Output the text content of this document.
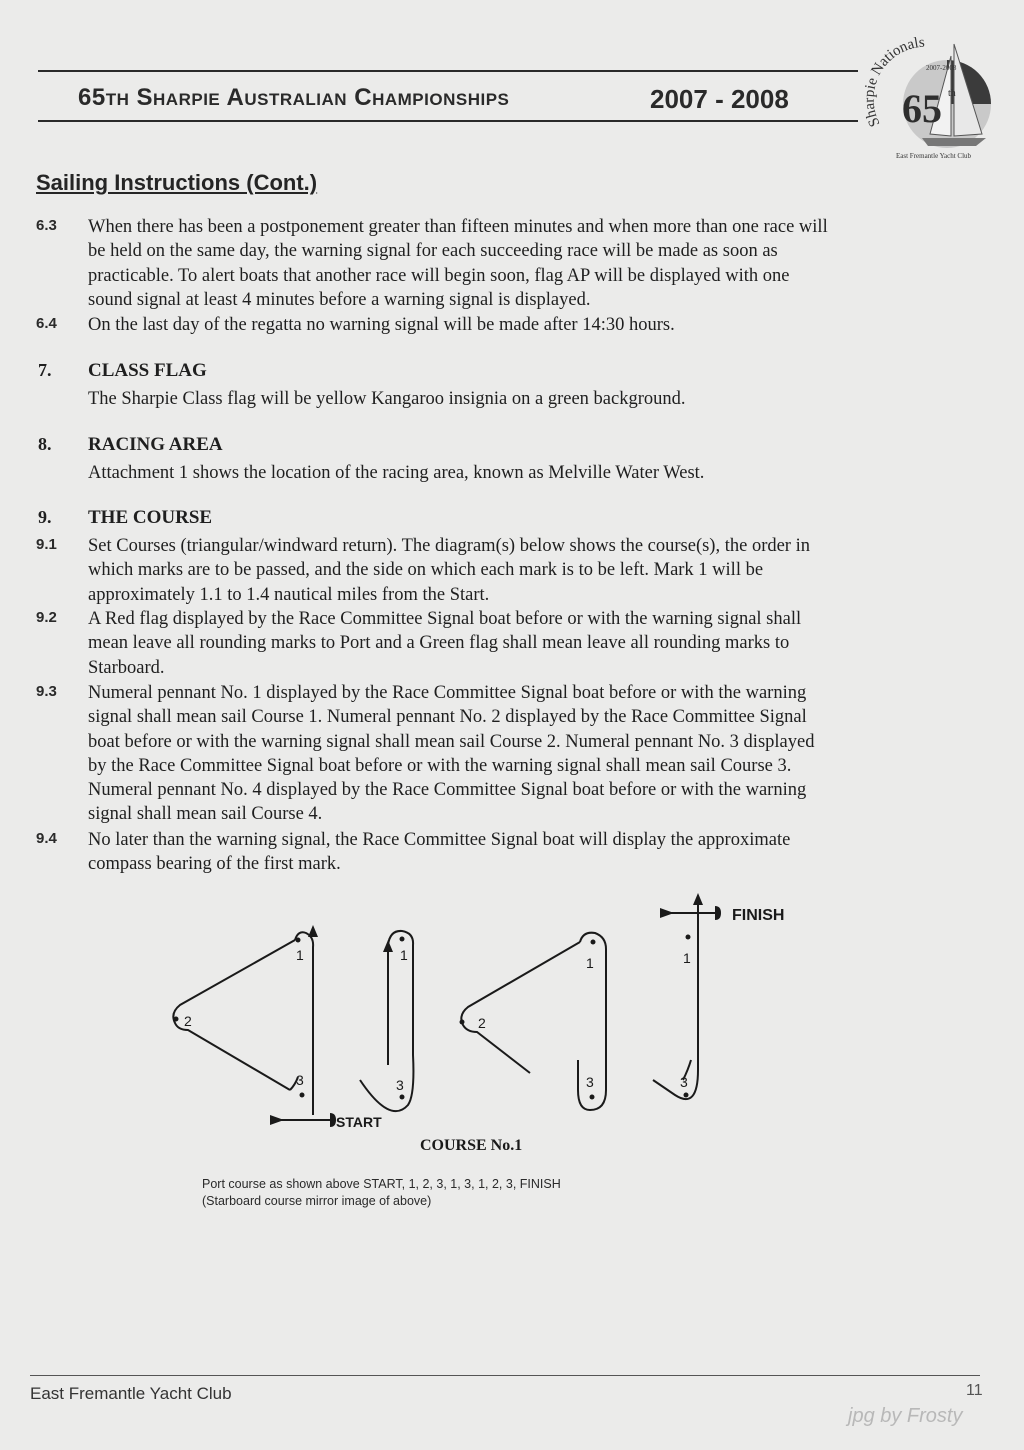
65th Sharpie Australian Championships	2007 - 2008
Sharpie Nationals
65 th
2007-2008
East Fremantle Yacht Club
Sailing Instructions (Cont.)
6.3 When there has been a postponement greater than fifteen minutes and when more than one race will
be held on the same day, the warning signal for each succeeding race will be made as soon as
practicable. To alert boats that another race will begin soon, flag AP will be displayed with one
sound signal at least 4 minutes before a warning signal is displayed.
6.4 On the last day of the regatta no warning signal will be made after 14:30 hours.
7. CLASS FLAG
The Sharpie Class flag will be yellow Kangaroo insignia on a green background.
8. RACING AREA
Attachment 1 shows the location of the racing area, known as Melville Water West.
9. THE COURSE
9.1 Set Courses (triangular/windward return). The diagram(s) below shows the course(s), the order in
which marks are to be passed, and the side on which each mark is to be left. Mark 1 will be
approximately 1.1 to 1.4 nautical miles from the Start.
9.2 A Red flag displayed by the Race Committee Signal boat before or with the warning signal shall
mean leave all rounding marks to Port and a Green flag shall mean leave all rounding marks to
Starboard.
9.3 Numeral pennant No. 1 displayed by the Race Committee Signal boat before or with the warning
signal shall mean sail Course 1. Numeral pennant No. 2 displayed by the Race Committee Signal
boat before or with the warning signal shall mean sail Course 2. Numeral pennant No. 3 displayed
by the Race Committee Signal boat before or with the warning signal shall mean sail Course 3.
Numeral pennant No. 4 displayed by the Race Committee Signal boat before or with the warning
signal shall mean sail Course 4.
9.4 No later than the warning signal, the Race Committee Signal boat will display the approximate
compass bearing of the first mark.
1
2
3
1
3
1
2
3
1
3
START
FINISH
COURSE No.1
Port course as shown above START, 1, 2, 3, 1, 3, 1, 2, 3, FINISH
(Starboard course mirror image of above)
East Fremantle Yacht Club	11
jpg by Frosty
